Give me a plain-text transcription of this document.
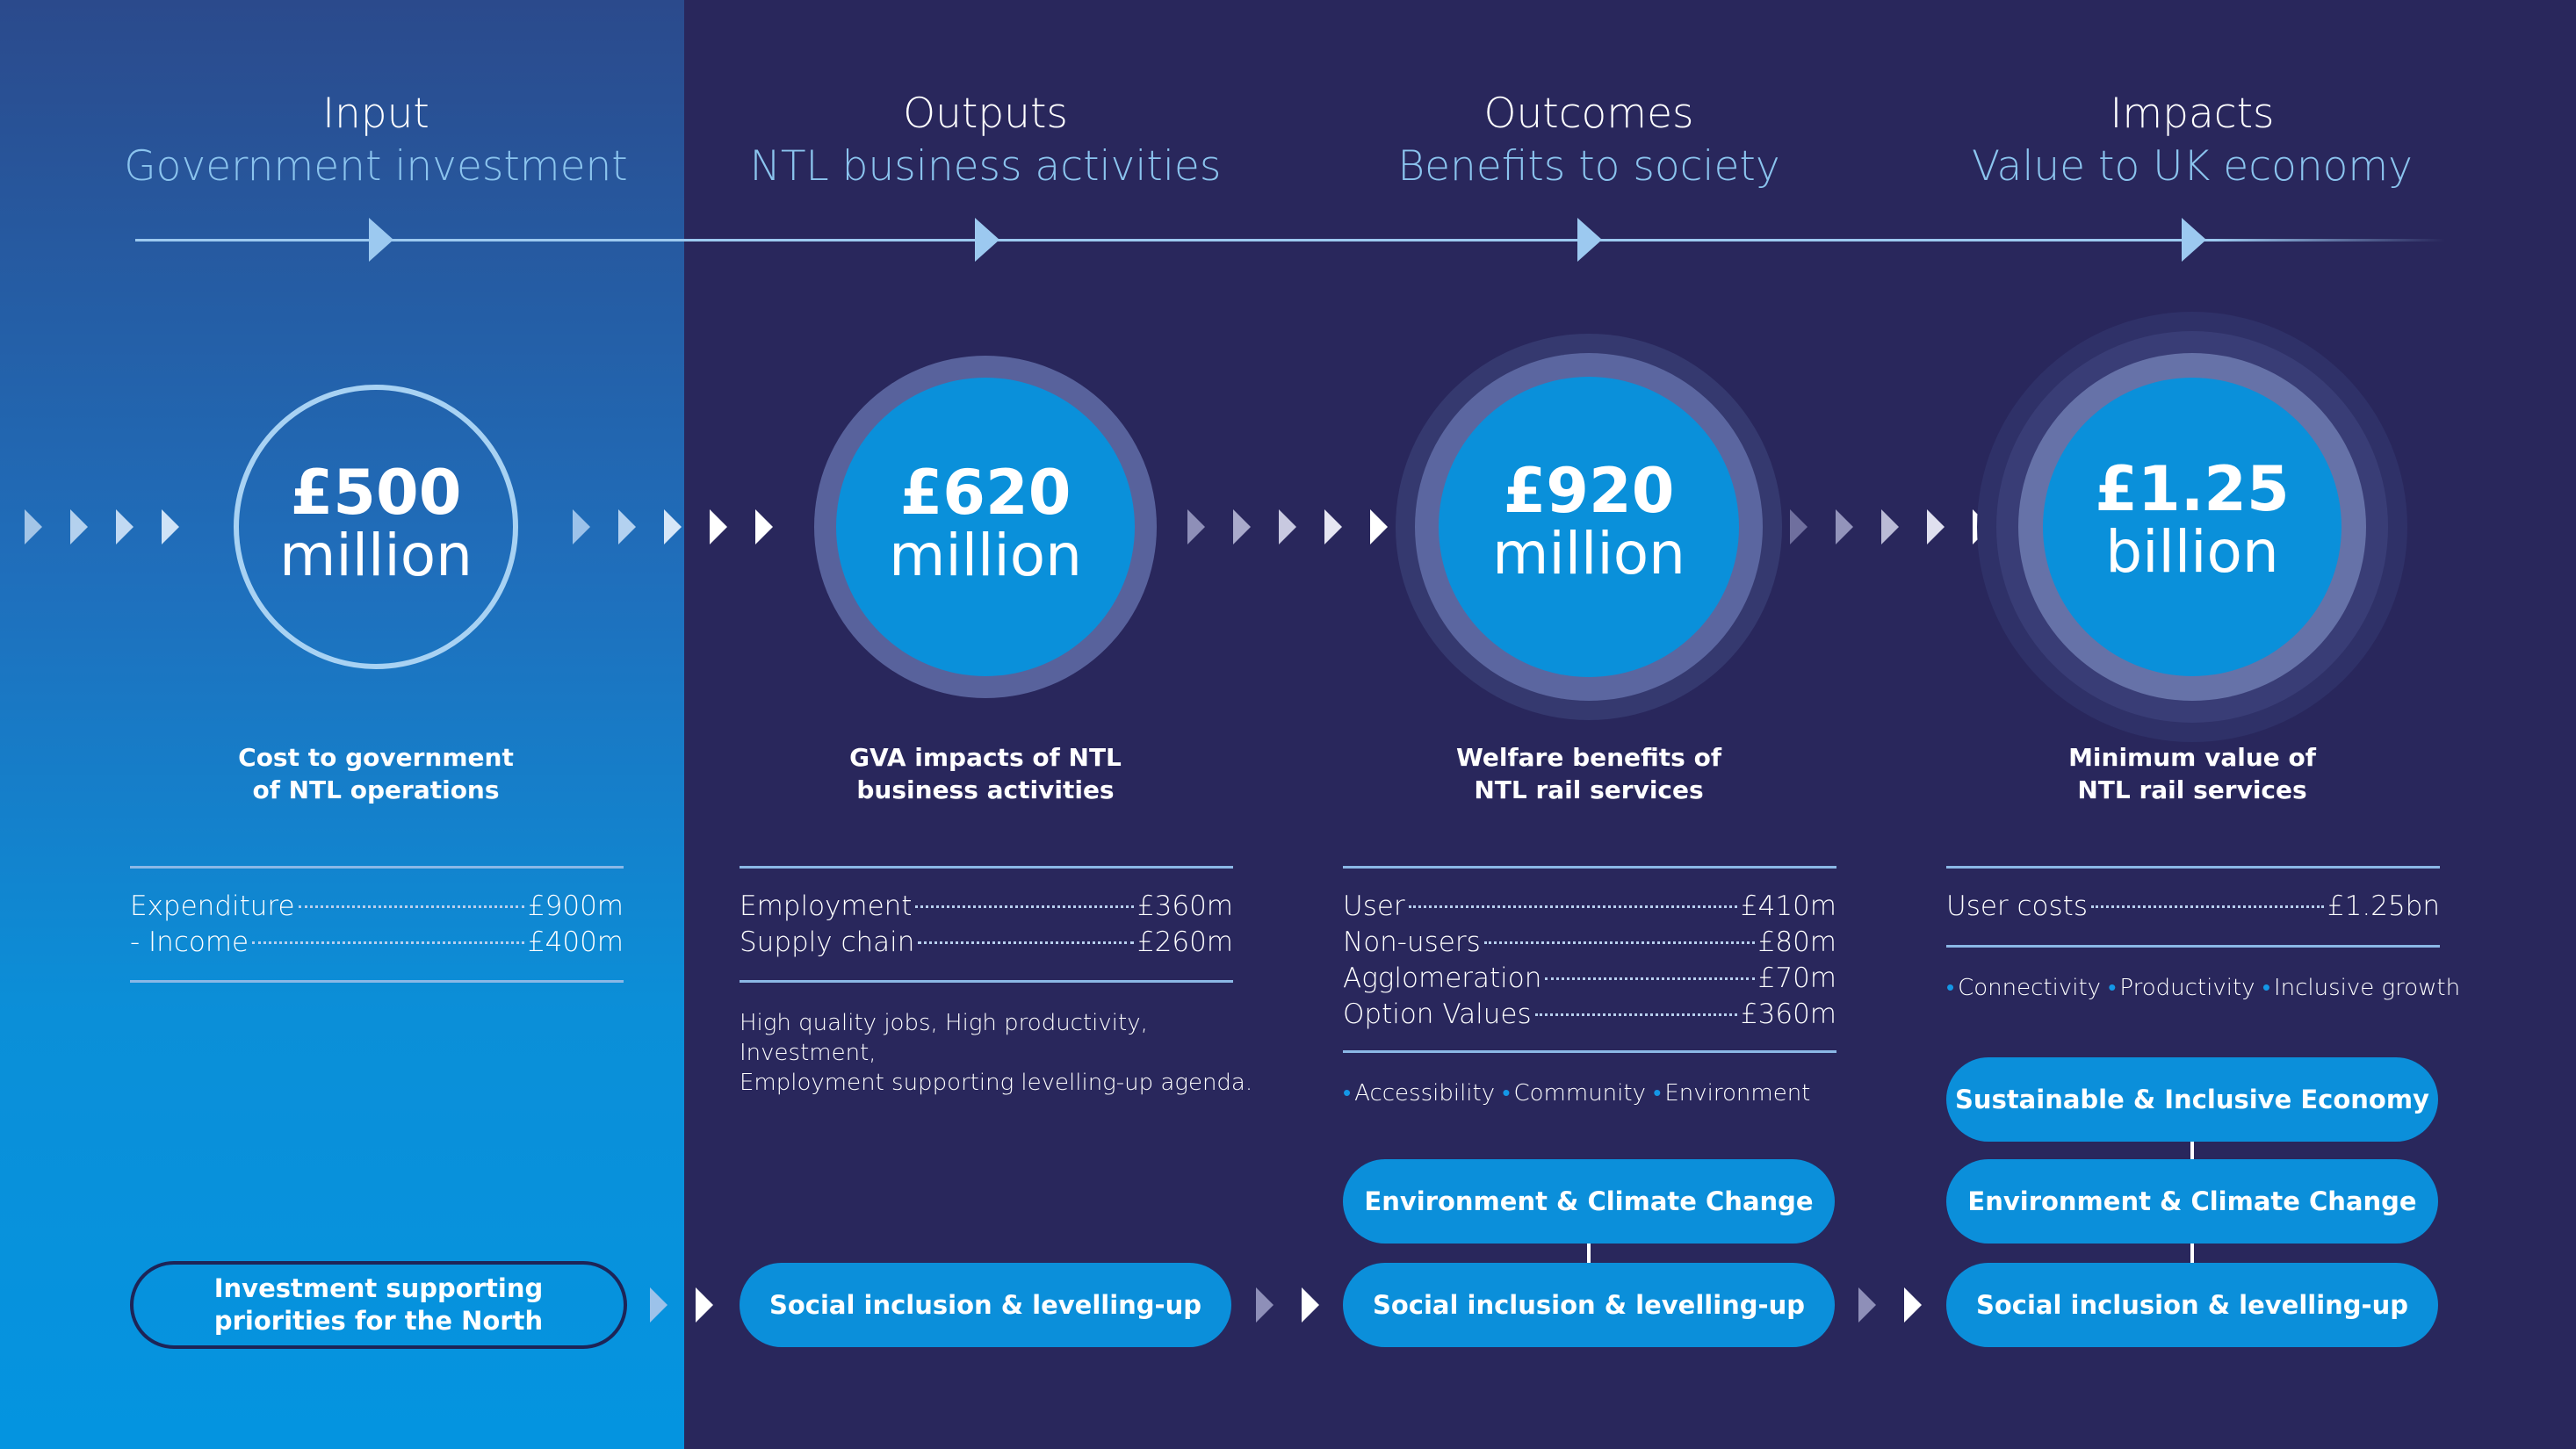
Input
Government investment
Outputs
NTL business activities
Outcomes
Benefits to society
Impacts
Value to UK economy
£500
million
£620
million
£920
million
£1.25
billion
Cost to government
of NTL operations
GVA impacts of NTL
business activities
Welfare benefits of
NTL rail services
Minimum value of
NTL rail services
Expenditure	£900m
- Income	£400m
Employment	£360m
Supply chain	£260m
High quality jobs, High productivity, Investment,
Employment supporting levelling-up agenda.
User	£410m
Non-users	£80m
Agglomeration	£70m
Option Values	£360m
• Accessibility • Community • Environment
User costs	£1.25bn
• Connectivity • Productivity • Inclusive growth
Investment supporting
priorities for the North
Social inclusion & levelling-up
Environment & Climate Change
Social inclusion & levelling-up
Sustainable & Inclusive Economy
Environment & Climate Change
Social inclusion & levelling-up
